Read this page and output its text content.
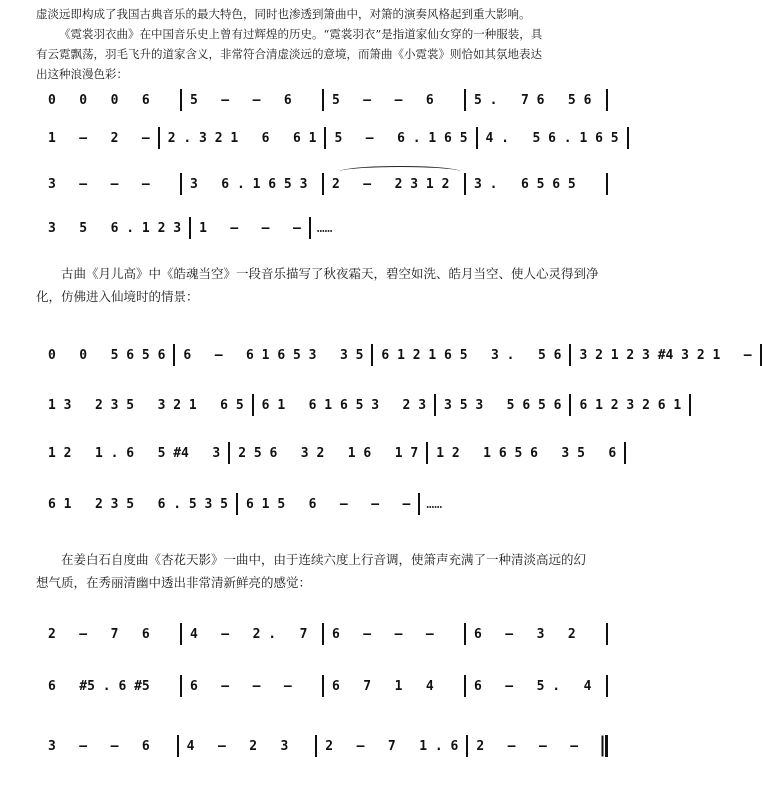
虚淡远即构成了我国古典音乐的最大特色，同时也渗透到箫曲中，对箫的演奏风格起到重大影响。
《霓裳羽衣曲》在中国音乐史上曾有过辉煌的历史。“霓裳羽衣”是指道家仙女穿的一种服装，具
有云霓飘荡，羽毛飞升的道家含义，非常符合清虚淡远的意境，而箫曲《小霓裳》则恰如其氛地表达
出这种浪漫色彩：
0   0   0   6	5   —   —   6	5   —   —   6	5 .   7 6   5 6
1   —   2   —	2 . 3 2 1   6   6 1	5   —   6 . 1 6 5	4 .   5 6 . 1 6 5
3   —   —   —	3   6 . 1 6 5 3	2   —   2 3 1 2	3 .   6 5 6 5
3   5   6 . 1 2 3	1   —   —   —	……
古曲《月儿高》中《皓魂当空》一段音乐描写了秋夜霜天，碧空如洗、皓月当空、使人心灵得到净
化，仿佛进入仙境时的情景：
0   0   5 6 5 6	6   —   6 1 6 5 3   3 5	6 1 2 1 6 5   3 .   5 6	3 2 1 2 3 #4 3 2 1   —
1 3   2 3 5   3 2 1   6 5	6 1   6 1 6 5 3   2 3	3 5 3   5 6 5 6	6 1 2 3 2 6 1
1 2   1 . 6   5 #4   3	2 5 6   3 2   1 6   1 7	1 2   1 6 5 6   3 5   6
6 1   2 3 5   6 . 5 3 5	6 1 5   6   —   —   —	……
在姜白石自度曲《杏花天影》一曲中，由于连续六度上行音调，使箫声充满了一种清淡高远的幻
想气质，在秀丽清幽中透出非常清新鲜亮的感觉：
2   —   7   6	4   —   2 .   7	6   —   —   —	6   —   3   2
6   #5 . 6 #5	6   —   —   —	6   7   1   4	6   —   5 .   4
3   —   —   6	4   —   2   3	2   —   7   1 . 6	2   —   —   —
